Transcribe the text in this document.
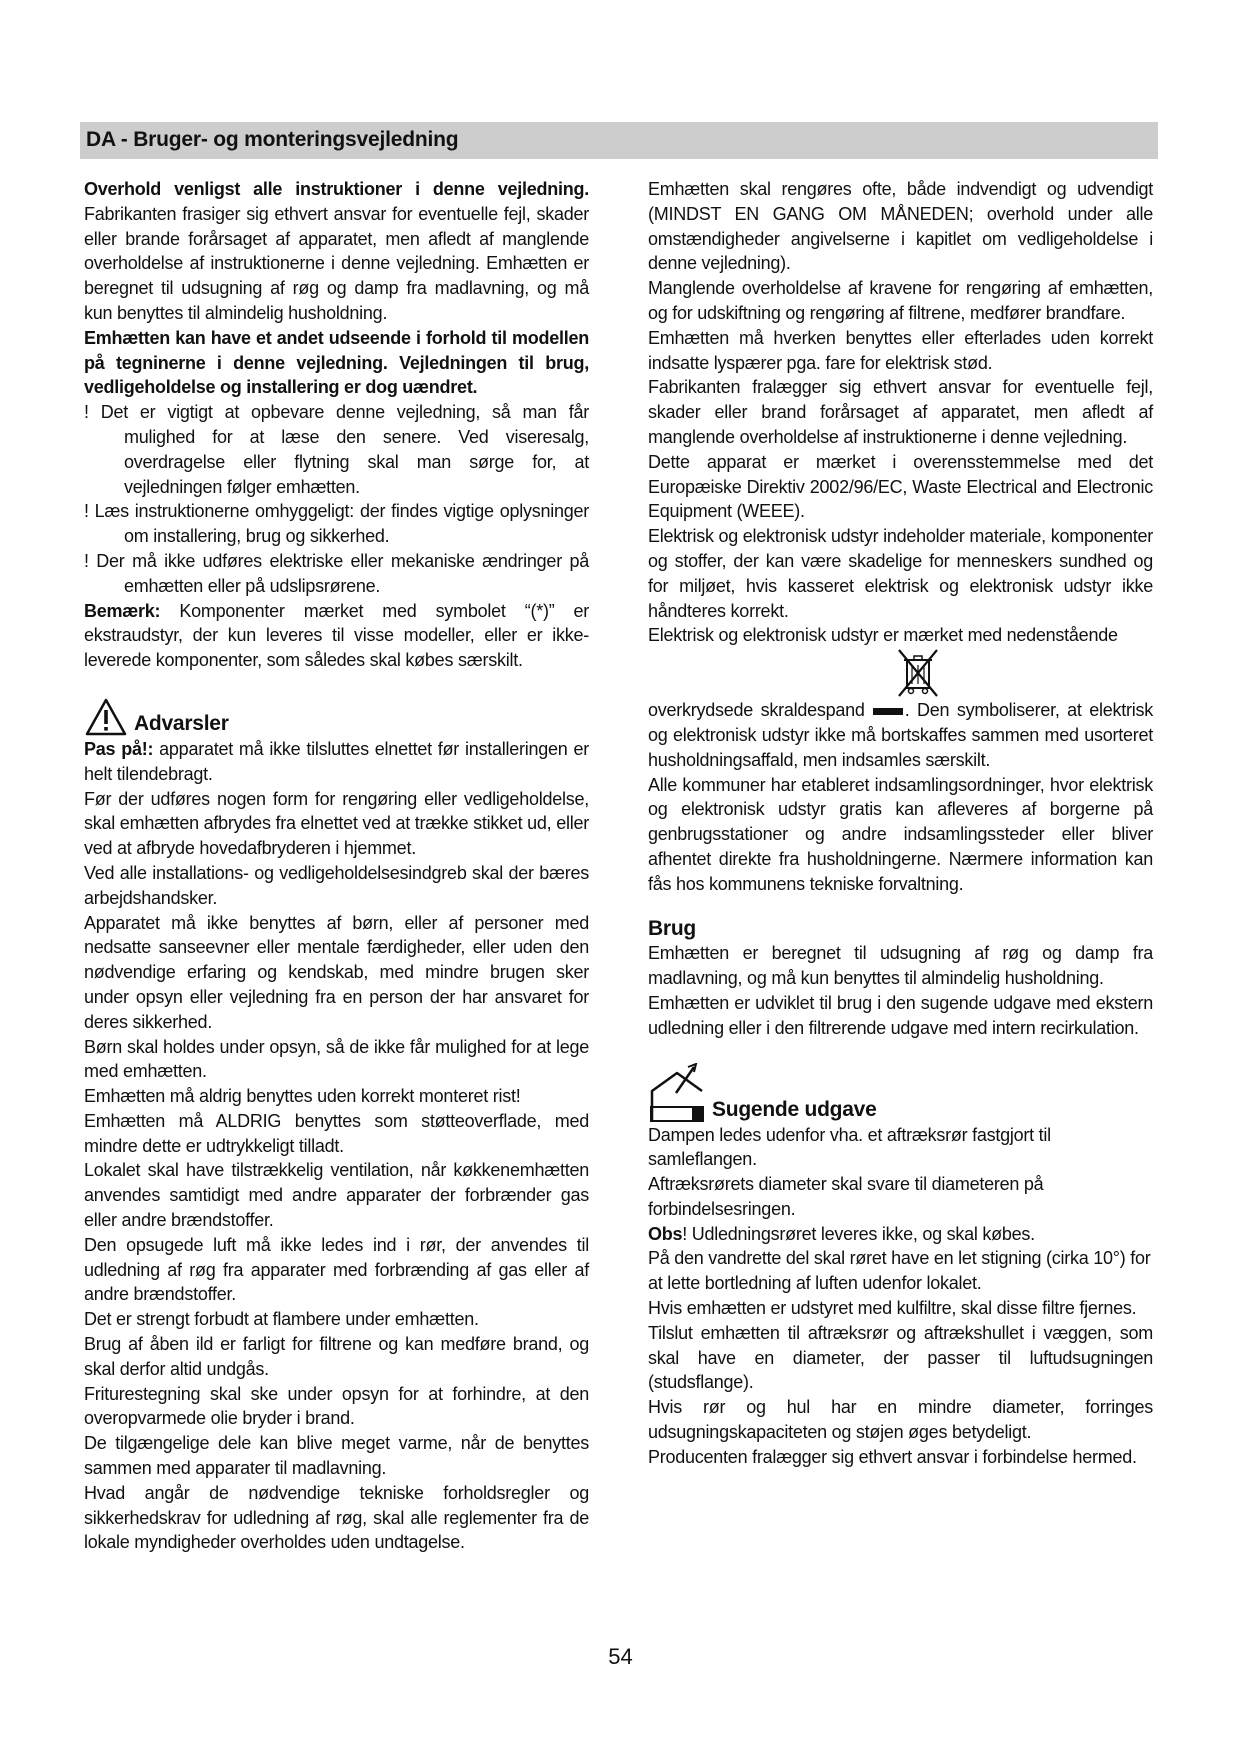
DA - Bruger- og monteringsvejledning

Overhold venligst alle instruktioner i denne vejledning. Fabrikanten frasiger sig ethvert ansvar for eventuelle fejl, skader eller brande forårsaget af apparatet, men afledt af manglende overholdelse af instruktionerne i denne vejledning. Emhætten er beregnet til udsugning af røg og damp fra madlavning, og må kun benyttes til almindelig husholdning.

Emhætten kan have et andet udseende i forhold til modellen på tegninerne i denne vejledning. Vejledningen til brug, vedligeholdelse og installering er dog uændret.

! Det er vigtigt at opbevare denne vejledning, så man får mulighed for at læse den senere. Ved viseresalg, overdragelse eller flytning skal man sørge for, at vejledningen følger emhætten.

! Læs instruktionerne omhyggeligt: der findes vigtige oplysninger om installering, brug og sikkerhed.

! Der må ikke udføres elektriske eller mekaniske ændringer på emhætten eller på udslipsrørene.

Bemærk: Komponenter mærket med symbolet “(*)” er ekstraudstyr, der kun leveres til visse modeller, eller er ikke-leverede komponenter, som således skal købes særskilt.

Advarsler

Pas på!: apparatet må ikke tilsluttes elnettet før installeringen er helt tilendebragt.

Før der udføres nogen form for rengøring eller vedligeholdelse, skal emhætten afbrydes fra elnettet ved at trække stikket ud, eller ved at afbryde hovedafbryderen i hjemmet.

Ved alle installations- og vedligeholdelsesindgreb skal der bæres arbejdshandsker.

Apparatet må ikke benyttes af børn, eller af personer med nedsatte sanseevner eller mentale færdigheder, eller uden den nødvendige erfaring og kendskab, med mindre brugen sker under opsyn eller vejledning fra en person der har ansvaret for deres sikkerhed.

Børn skal holdes under opsyn, så de ikke får mulighed for at lege med emhætten.

Emhætten må aldrig benyttes uden korrekt monteret rist!

Emhætten må ALDRIG benyttes som støtteoverflade, med mindre dette er udtrykkeligt tilladt.

Lokalet skal have tilstrækkelig ventilation, når køkkenemhætten anvendes samtidigt med andre apparater der forbrænder gas eller andre brændstoffer.

Den opsugede luft må ikke ledes ind i rør, der anvendes til udledning af røg fra apparater med forbrænding af gas eller af andre brændstoffer.

Det er strengt forbudt at flambere under emhætten.

Brug af åben ild er farligt for filtrene og kan medføre brand, og skal derfor altid undgås.

Friturestegning skal ske under opsyn for at forhindre, at den overopvarmede olie bryder i brand.

De tilgængelige dele kan blive meget varme, når de benyttes sammen med apparater til madlavning.

Hvad angår de nødvendige tekniske forholdsregler og sikkerhedskrav for udledning af røg, skal alle reglementer fra de lokale myndigheder overholdes uden undtagelse.

Emhætten skal rengøres ofte, både indvendigt og udvendigt (MINDST EN GANG OM MÅNEDEN; overhold under alle omstændigheder angivelserne i kapitlet om vedligeholdelse i denne vejledning).

Manglende overholdelse af kravene for rengøring af emhætten, og for udskiftning og rengøring af filtrene, medfører brandfare.

Emhætten må hverken benyttes eller efterlades uden korrekt indsatte lyspærer pga. fare for elektrisk stød.

Fabrikanten fralægger sig ethvert ansvar for eventuelle fejl, skader eller brand forårsaget af apparatet, men afledt af manglende overholdelse af instruktionerne i denne vejledning.

Dette apparat er mærket i overensstemmelse med det Europæiske Direktiv 2002/96/EC, Waste Electrical and Electronic Equipment (WEEE).

Elektrisk og elektronisk udstyr indeholder materiale, komponenter og stoffer, der kan være skadelige for menneskers sundhed og for miljøet, hvis kasseret elektrisk og elektronisk udstyr ikke håndteres korrekt.

Elektrisk og elektronisk udstyr er mærket med nedenstående

overkrydsede skraldespand . Den symboliserer, at elektrisk og elektronisk udstyr ikke må bortskaffes sammen med usorteret husholdningsaffald, men indsamles særskilt.

Alle kommuner har etableret indsamlingsordninger, hvor elektrisk og elektronisk udstyr gratis kan afleveres af borgerne på genbrugsstationer og andre indsamlingssteder eller bliver afhentet direkte fra husholdningerne. Nærmere information kan fås hos kommunens tekniske forvaltning.

Brug

Emhætten er beregnet til udsugning af røg og damp fra madlavning, og må kun benyttes til almindelig husholdning.

Emhætten er udviklet til brug i den sugende udgave med ekstern udledning eller i den filtrerende udgave med intern recirkulation.

Sugende udgave

Dampen ledes udenfor vha. et aftræksrør fastgjort til samleflangen.

Aftræksrørets diameter skal svare til diameteren på forbindelsesringen.

Obs! Udledningsrøret leveres ikke, og skal købes.

På den vandrette del skal røret have en let stigning (cirka 10°) for at lette bortledning af luften udenfor lokalet.

Hvis emhætten er udstyret med kulfiltre, skal disse filtre fjernes.

Tilslut emhætten til aftræksrør og aftrækshullet i væggen, som skal have en diameter, der passer til luftudsugningen (studsflange).

Hvis rør og hul har en mindre diameter, forringes udsugningskapaciteten og støjen øges betydeligt.

Producenten fralægger sig ethvert ansvar i forbindelse hermed.

54
